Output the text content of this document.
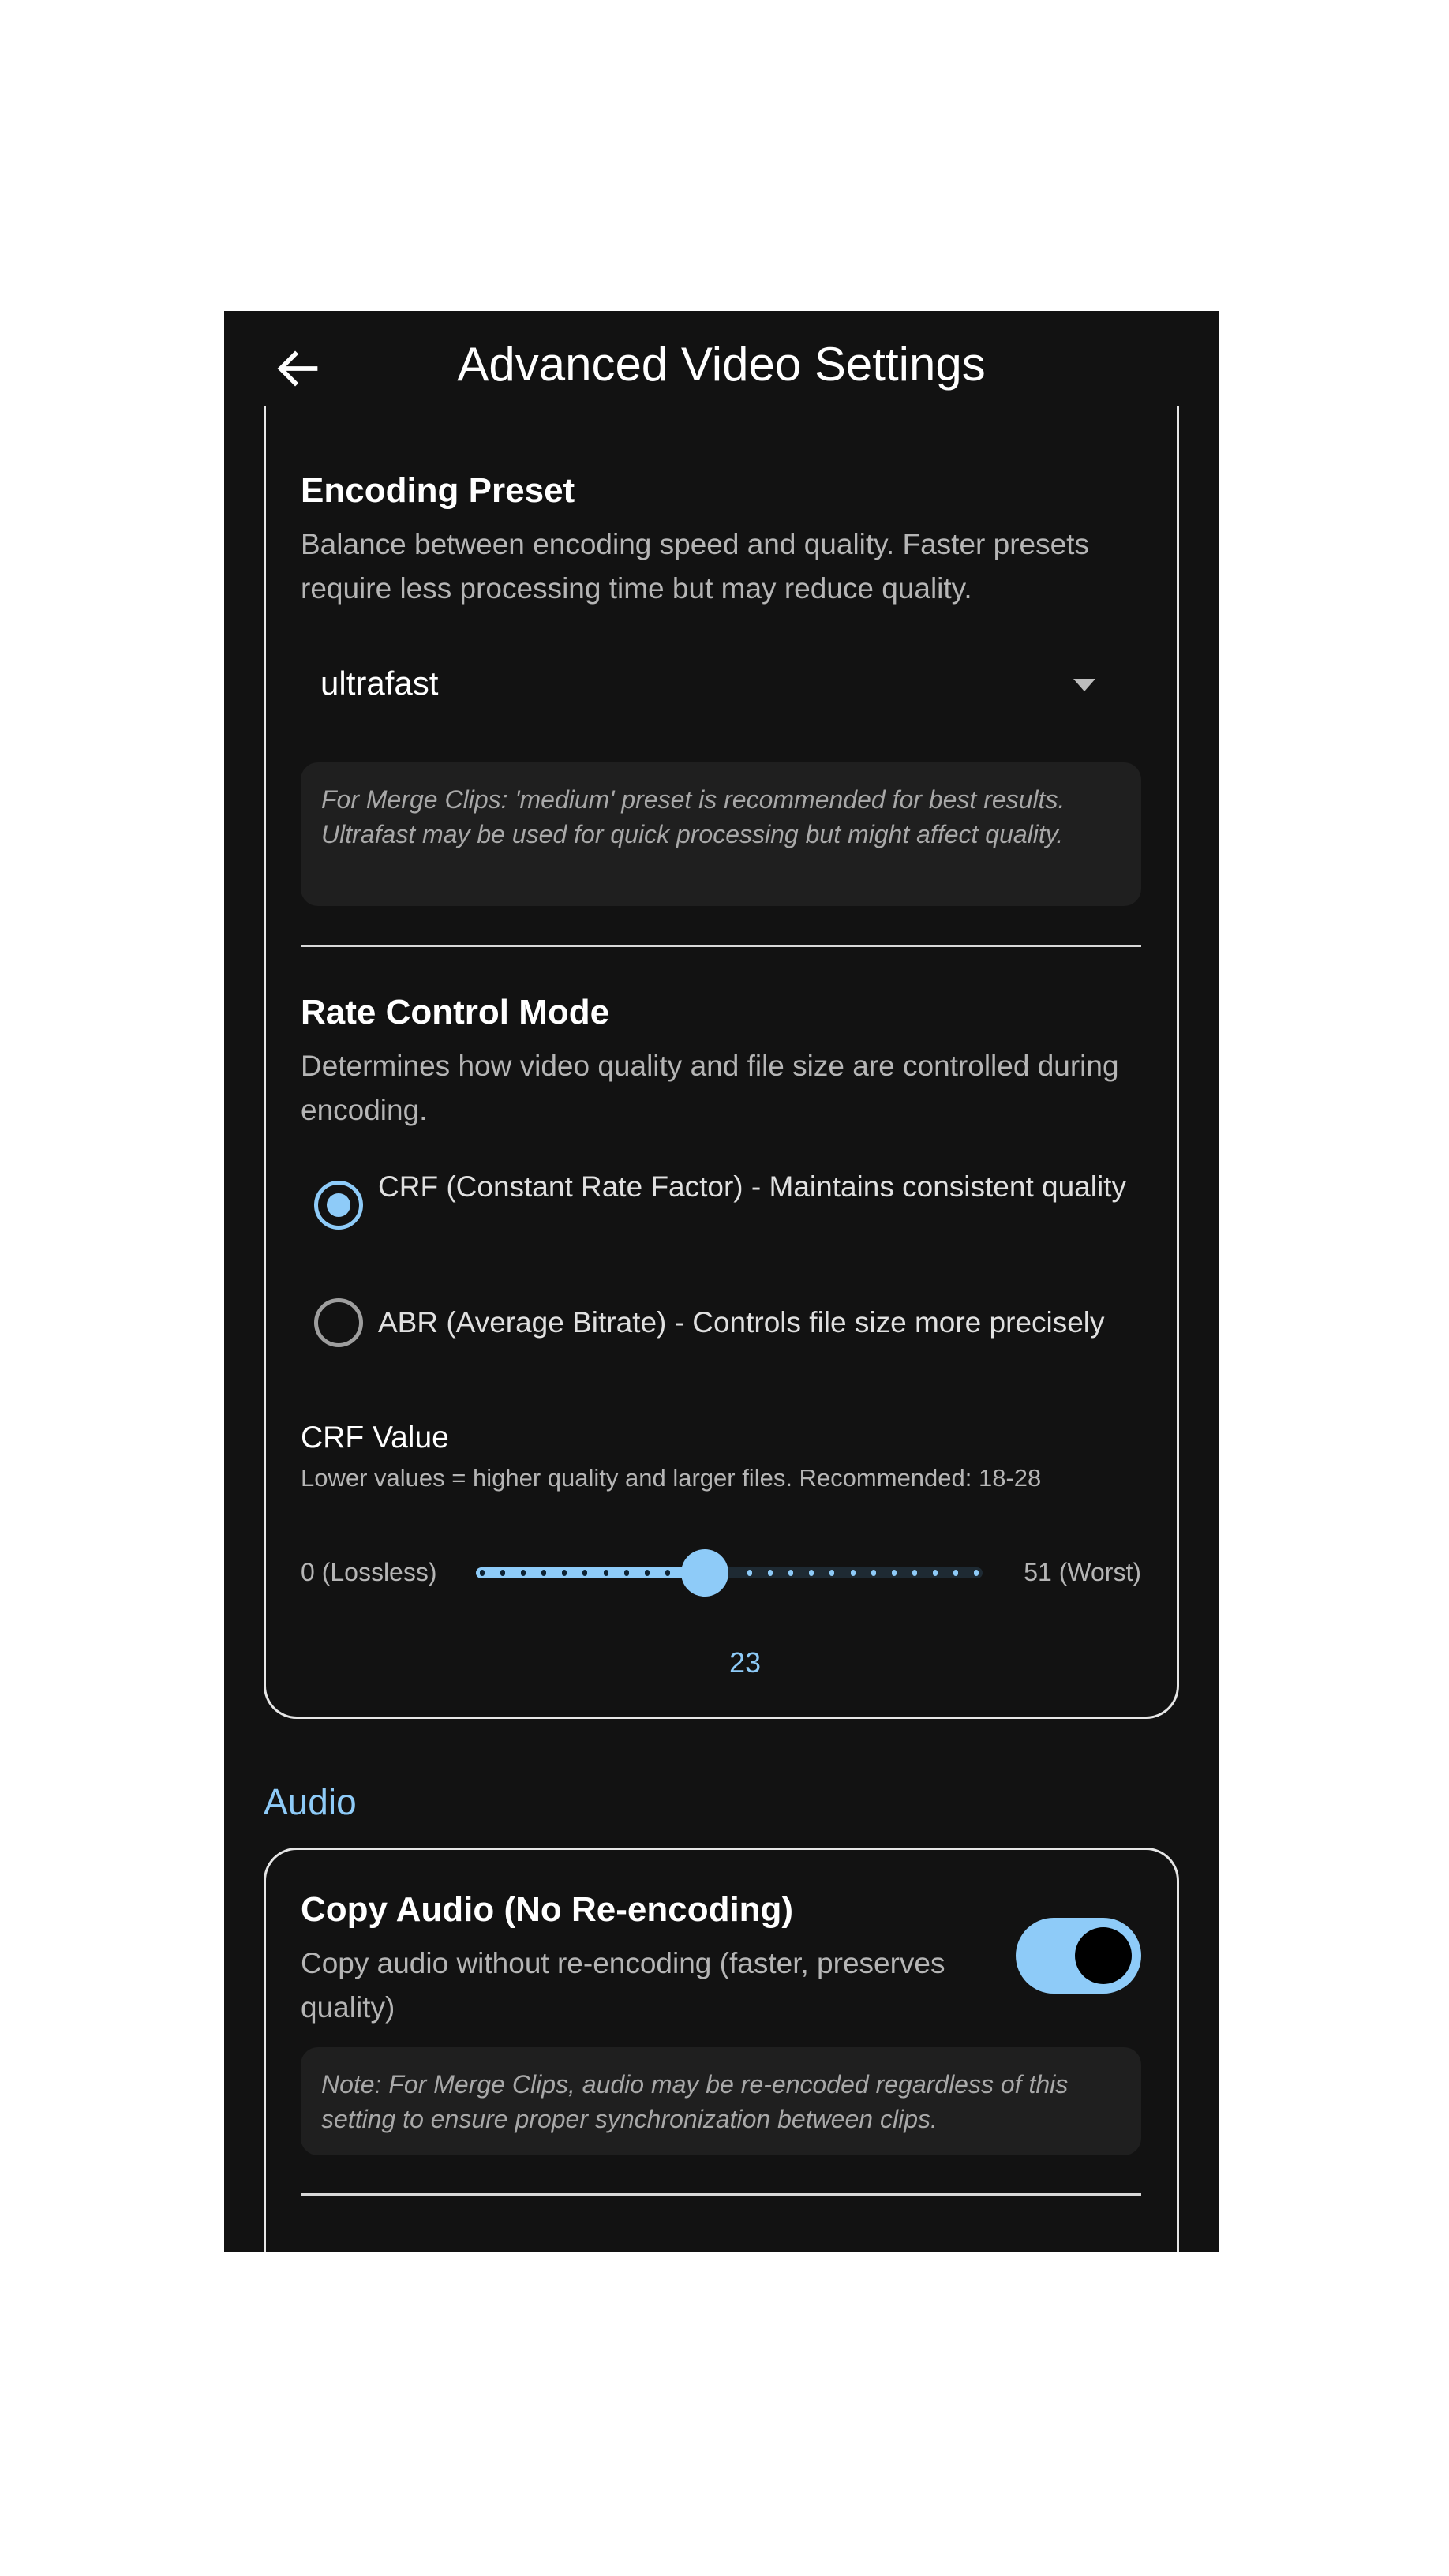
Advanced Video Settings
Encoding Preset
Balance between encoding speed and quality. Faster presets require less processing time but may reduce quality.
ultrafast
For Merge Clips: 'medium' preset is recommended for best results. Ultrafast may be used for quick processing but might affect quality.
Rate Control Mode
Determines how video quality and file size are controlled during encoding.
CRF (Constant Rate Factor) - Maintains consistent quality
ABR (Average Bitrate) - Controls file size more precisely
CRF Value
Lower values = higher quality and larger files. Recommended: 18-28
0 (Lossless)	51 (Worst)
23
Audio
Copy Audio (No Re-encoding)
Copy audio without re-encoding (faster, preserves quality)
Note: For Merge Clips, audio may be re-encoded regardless of this setting to ensure proper synchronization between clips.
